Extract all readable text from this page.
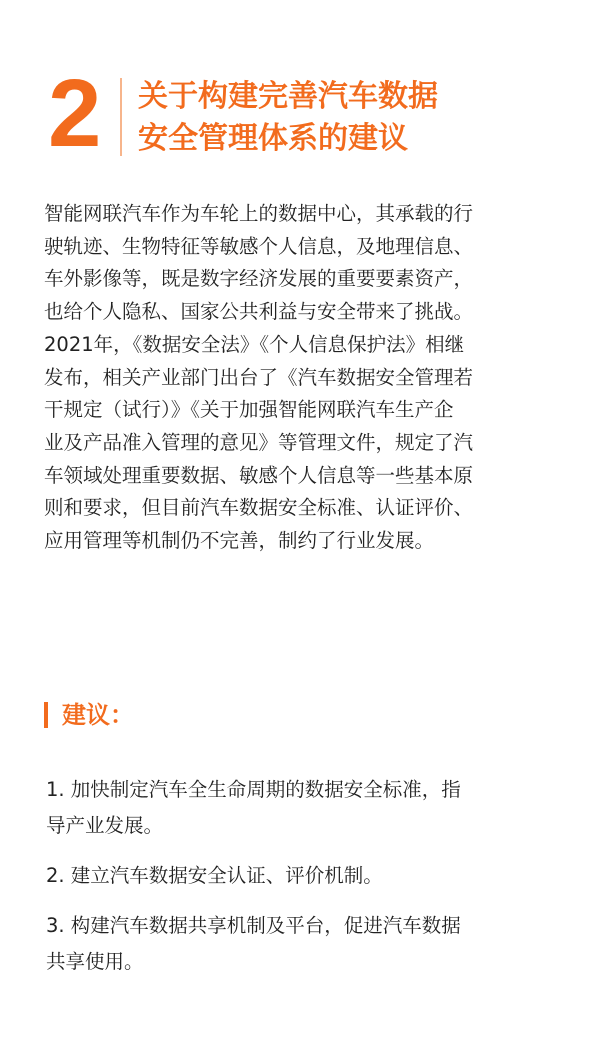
2 关于构建完善汽车数据
安全管理体系的建议
智能网联汽车作为车轮上的数据中心，其承载的行
驶轨迹、生物特征等敏感个人信息，及地理信息、
车外影像等，既是数字经济发展的重要要素资产，
也给个人隐私、国家公共利益与安全带来了挑战。
2021年，《数据安全法》《个人信息保护法》相继
发布，相关产业部门出台了《汽车数据安全管理若
干规定（试行）》《关于加强智能网联汽车生产企
业及产品准入管理的意见》等管理文件，规定了汽
车领域处理重要数据、敏感个人信息等一些基本原
则和要求，但目前汽车数据安全标准、认证评价、
应用管理等机制仍不完善，制约了行业发展。
建议：
1. 加快制定汽车全生命周期的数据安全标准，指
导产业发展。
2. 建立汽车数据安全认证、评价机制。
3. 构建汽车数据共享机制及平台，促进汽车数据
共享使用。
